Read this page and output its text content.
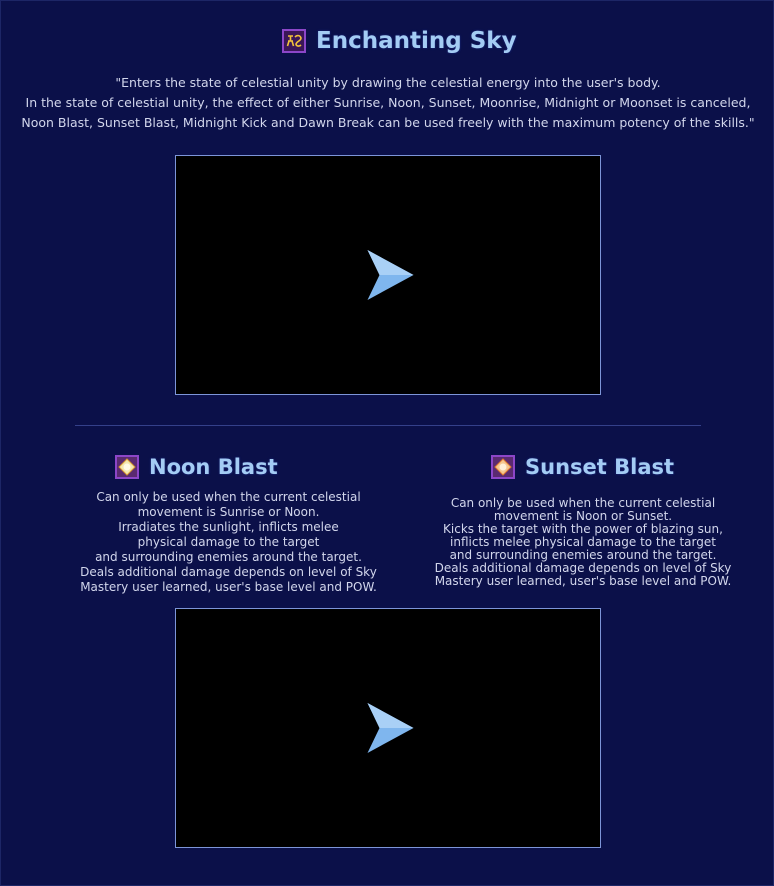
Enchanting Sky
"Enters the state of celestial unity by drawing the celestial energy into the user's body.
In the state of celestial unity, the effect of either Sunrise, Noon, Sunset, Moonrise, Midnight or Moonset is canceled,
Noon Blast, Sunset Blast, Midnight Kick and Dawn Break can be used freely with the maximum potency of the skills."
Noon Blast
Can only be used when the current celestial
movement is Sunrise or Noon.
Irradiates the sunlight, inflicts melee
physical damage to the target
and surrounding enemies around the target.
Deals additional damage depends on level of Sky
Mastery user learned, user's base level and POW.
Sunset Blast
Can only be used when the current celestial
movement is Noon or Sunset.
Kicks the target with the power of blazing sun,
inflicts melee physical damage to the target
and surrounding enemies around the target.
Deals additional damage depends on level of Sky
Mastery user learned, user's base level and POW.
